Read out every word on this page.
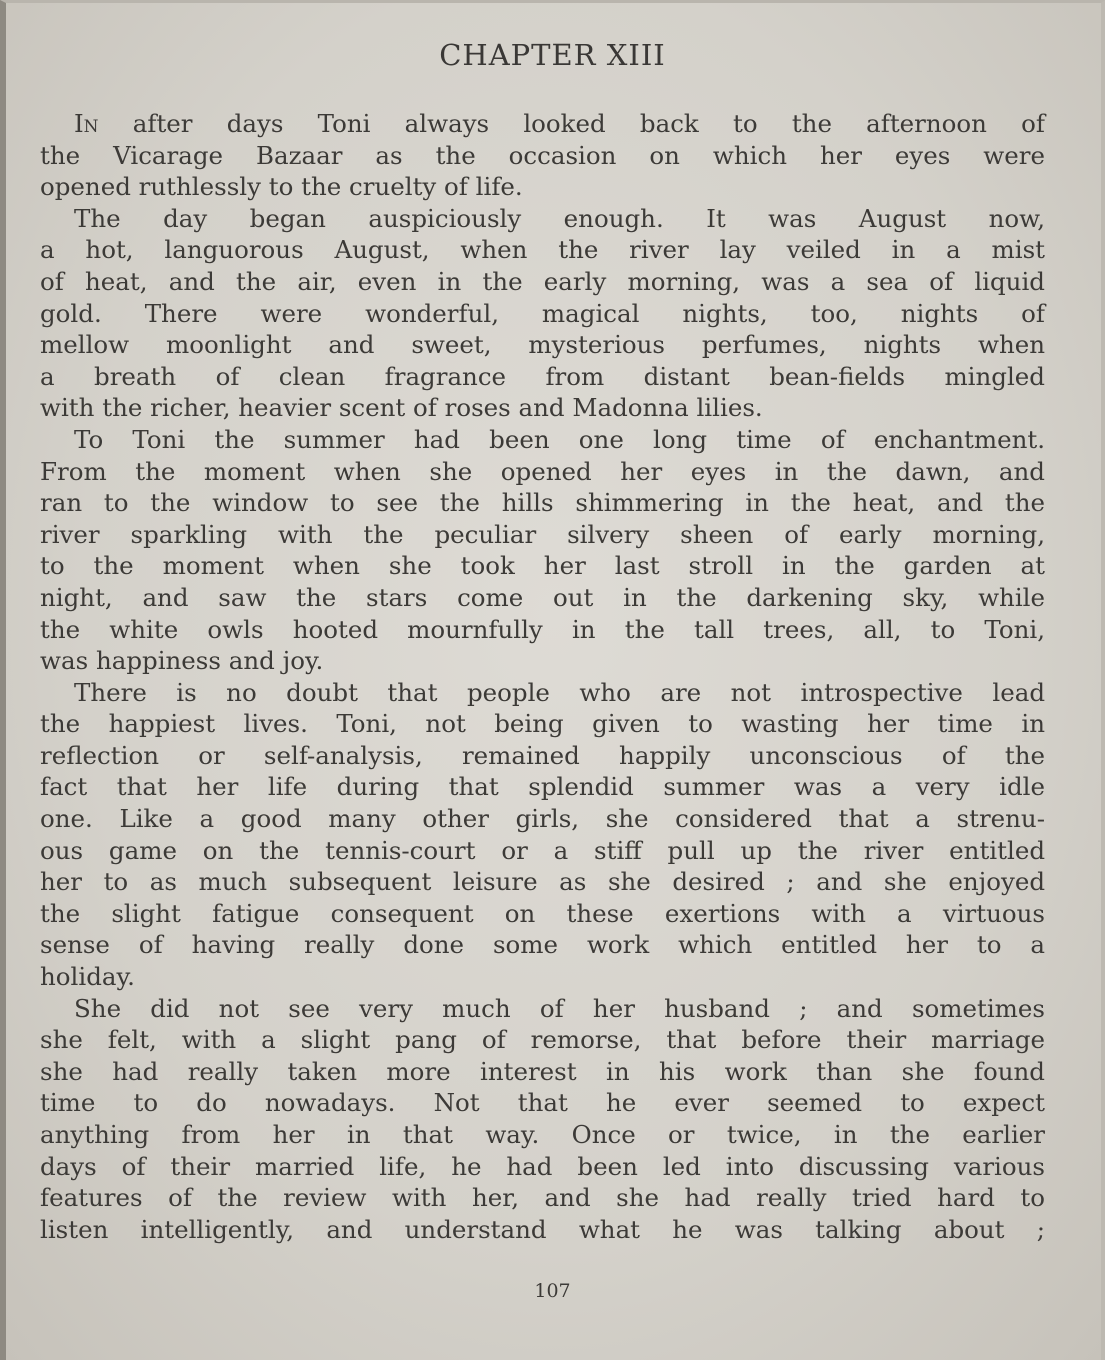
CHAPTER XIII
In after days Toni always looked back to the afternoon of
the Vicarage Bazaar as the occasion on which her eyes were
opened ruthlessly to the cruelty of life.
The day began auspiciously enough. It was August now,
a hot, languorous August, when the river lay veiled in a mist
of heat, and the air, even in the early morning, was a sea of liquid
gold. There were wonderful, magical nights, too, nights of
mellow moonlight and sweet, mysterious perfumes, nights when
a breath of clean fragrance from distant bean-fields mingled
with the richer, heavier scent of roses and Madonna lilies.
To Toni the summer had been one long time of enchantment.
From the moment when she opened her eyes in the dawn, and
ran to the window to see the hills shimmering in the heat, and the
river sparkling with the peculiar silvery sheen of early morning,
to the moment when she took her last stroll in the garden at
night, and saw the stars come out in the darkening sky, while
the white owls hooted mournfully in the tall trees, all, to Toni,
was happiness and joy.
There is no doubt that people who are not introspective lead
the happiest lives. Toni, not being given to wasting her time in
reflection or self-analysis, remained happily unconscious of the
fact that her life during that splendid summer was a very idle
one. Like a good many other girls, she considered that a strenu-
ous game on the tennis-court or a stiff pull up the river entitled
her to as much subsequent leisure as she desired ; and she enjoyed
the slight fatigue consequent on these exertions with a virtuous
sense of having really done some work which entitled her to a
holiday.
She did not see very much of her husband ; and sometimes
she felt, with a slight pang of remorse, that before their marriage
she had really taken more interest in his work than she found
time to do nowadays. Not that he ever seemed to expect
anything from her in that way. Once or twice, in the earlier
days of their married life, he had been led into discussing various
features of the review with her, and she had really tried hard to
listen intelligently, and understand what he was talking about ;
107
